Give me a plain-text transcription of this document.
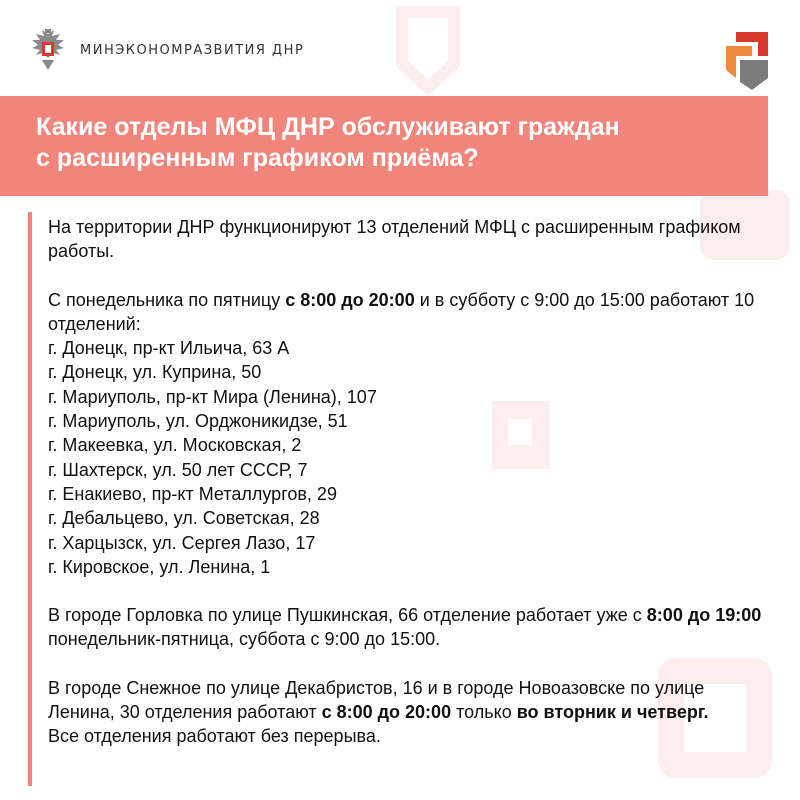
МИНЭКОНОМРАЗВИТИЯ ДНР
Какие отделы МФЦ ДНР обслуживают граждан
с расширенным графиком приёма?

На территории ДНР функционируют 13 отделений МФЦ с расширенным графиком работы.

С понедельника по пятницу с 8:00 до 20:00 и в субботу с 9:00 до 15:00 работают 10 отделений:

г. Донецк, пр-кт Ильича, 63 А
г. Донецк, ул. Куприна, 50
г. Мариуполь, пр-кт Мира (Ленина), 107
г. Мариуполь, ул. Орджоникидзе, 51
г. Макеевка, ул. Московская, 2
г. Шахтерск, ул. 50 лет СССР, 7
г. Енакиево, пр-кт Металлургов, 29
г. Дебальцево, ул. Советская, 28
г. Харцызск, ул. Сергея Лазо, 17
г. Кировское, ул. Ленина, 1

В городе Горловка по улице Пушкинская, 66 отделение работает уже с 8:00 до 19:00 понедельник-пятница, суббота с 9:00 до 15:00.

В городе Снежное по улице Декабристов, 16 и в городе Новоазовске по улице Ленина, 30 отделения работают с 8:00 до 20:00 только во вторник и четверг.

Все отделения работают без перерыва.
